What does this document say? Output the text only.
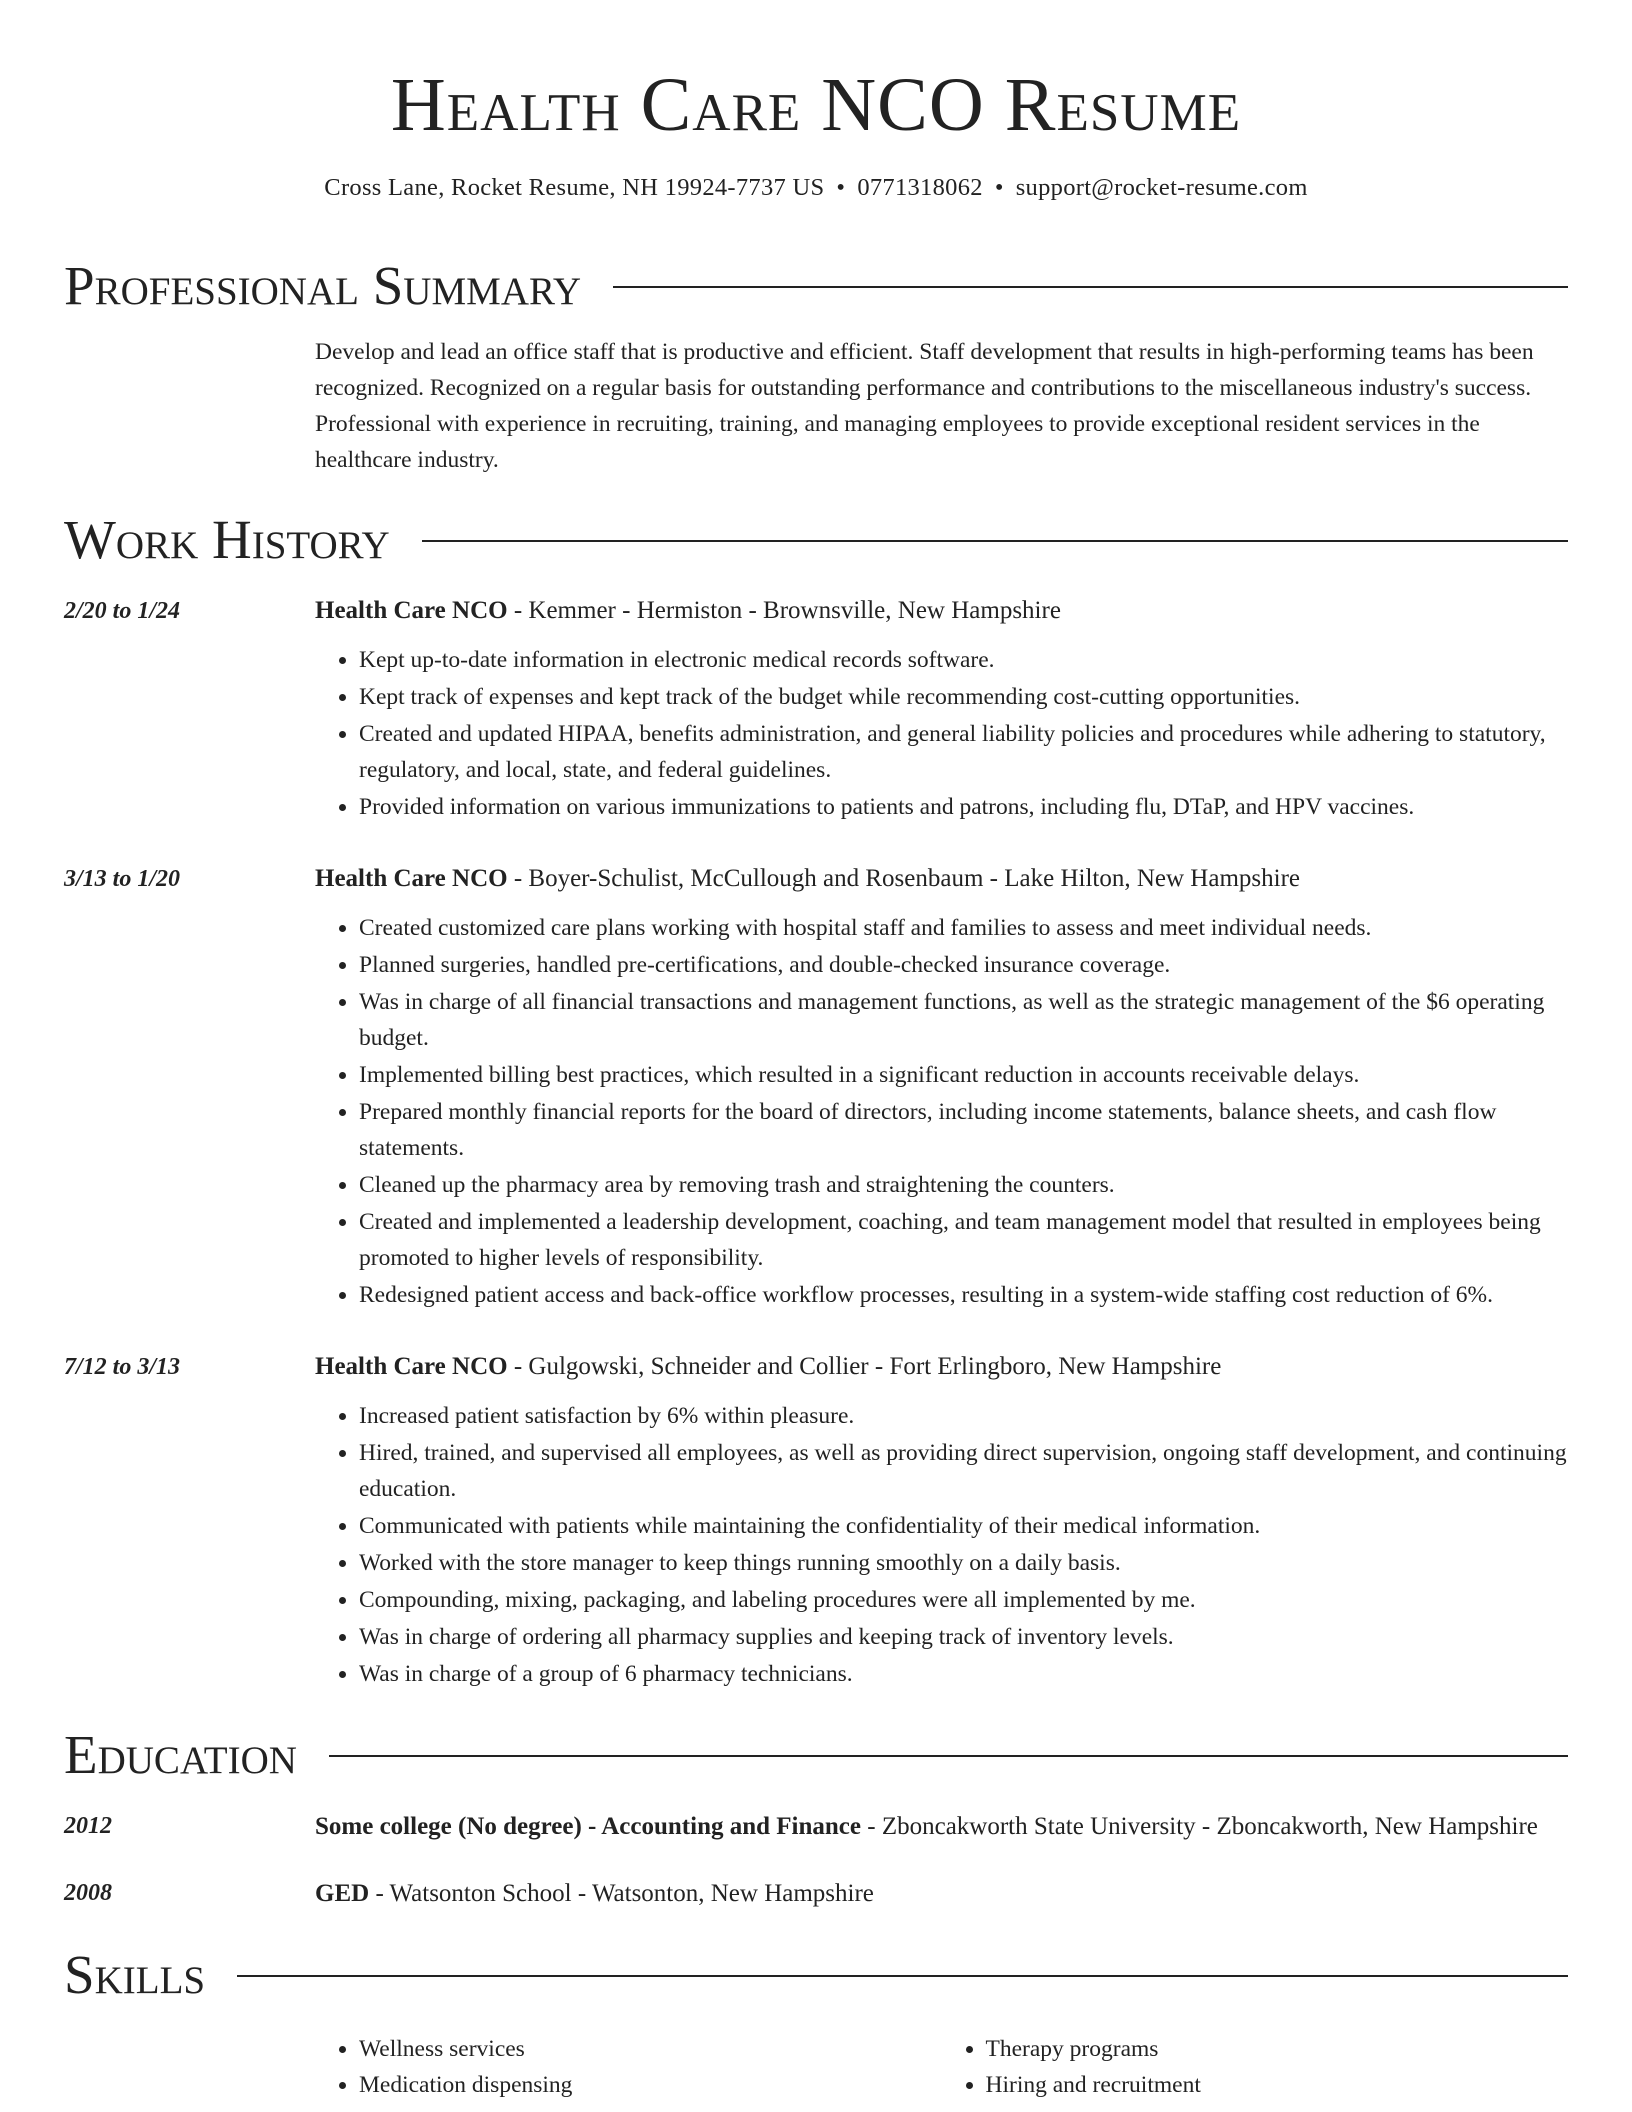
Health Care NCO Resume
Cross Lane, Rocket Resume, NH 19924-7737 US • 0771318062 • support@rocket-resume.com
Professional Summary
Develop and lead an office staff that is productive and efficient. Staff development that results in high-performing teams has been recognized. Recognized on a regular basis for outstanding performance and contributions to the miscellaneous industry's success. Professional with experience in recruiting, training, and managing employees to provide exceptional resident services in the healthcare industry.
Work History
2/20 to 1/24	Health Care NCO - Kemmer - Hermiston - Brownsville, New Hampshire
• Kept up-to-date information in electronic medical records software.
• Kept track of expenses and kept track of the budget while recommending cost-cutting opportunities.
• Created and updated HIPAA, benefits administration, and general liability policies and procedures while adhering to statutory, regulatory, and local, state, and federal guidelines.
• Provided information on various immunizations to patients and patrons, including flu, DTaP, and HPV vaccines.
3/13 to 1/20	Health Care NCO - Boyer-Schulist, McCullough and Rosenbaum - Lake Hilton, New Hampshire
• Created customized care plans working with hospital staff and families to assess and meet individual needs.
• Planned surgeries, handled pre-certifications, and double-checked insurance coverage.
• Was in charge of all financial transactions and management functions, as well as the strategic management of the $6 operating budget.
• Implemented billing best practices, which resulted in a significant reduction in accounts receivable delays.
• Prepared monthly financial reports for the board of directors, including income statements, balance sheets, and cash flow statements.
• Cleaned up the pharmacy area by removing trash and straightening the counters.
• Created and implemented a leadership development, coaching, and team management model that resulted in employees being promoted to higher levels of responsibility.
• Redesigned patient access and back-office workflow processes, resulting in a system-wide staffing cost reduction of 6%.
7/12 to 3/13	Health Care NCO - Gulgowski, Schneider and Collier - Fort Erlingboro, New Hampshire
• Increased patient satisfaction by 6% within pleasure.
• Hired, trained, and supervised all employees, as well as providing direct supervision, ongoing staff development, and continuing education.
• Communicated with patients while maintaining the confidentiality of their medical information.
• Worked with the store manager to keep things running smoothly on a daily basis.
• Compounding, mixing, packaging, and labeling procedures were all implemented by me.
• Was in charge of ordering all pharmacy supplies and keeping track of inventory levels.
• Was in charge of a group of 6 pharmacy technicians.
Education
2012	Some college (No degree) - Accounting and Finance - Zboncakworth State University - Zboncakworth, New Hampshire
2008	GED - Watsonton School - Watsonton, New Hampshire
Skills
• Wellness services
• Medication dispensing
• Therapy programs
• Hiring and recruitment
